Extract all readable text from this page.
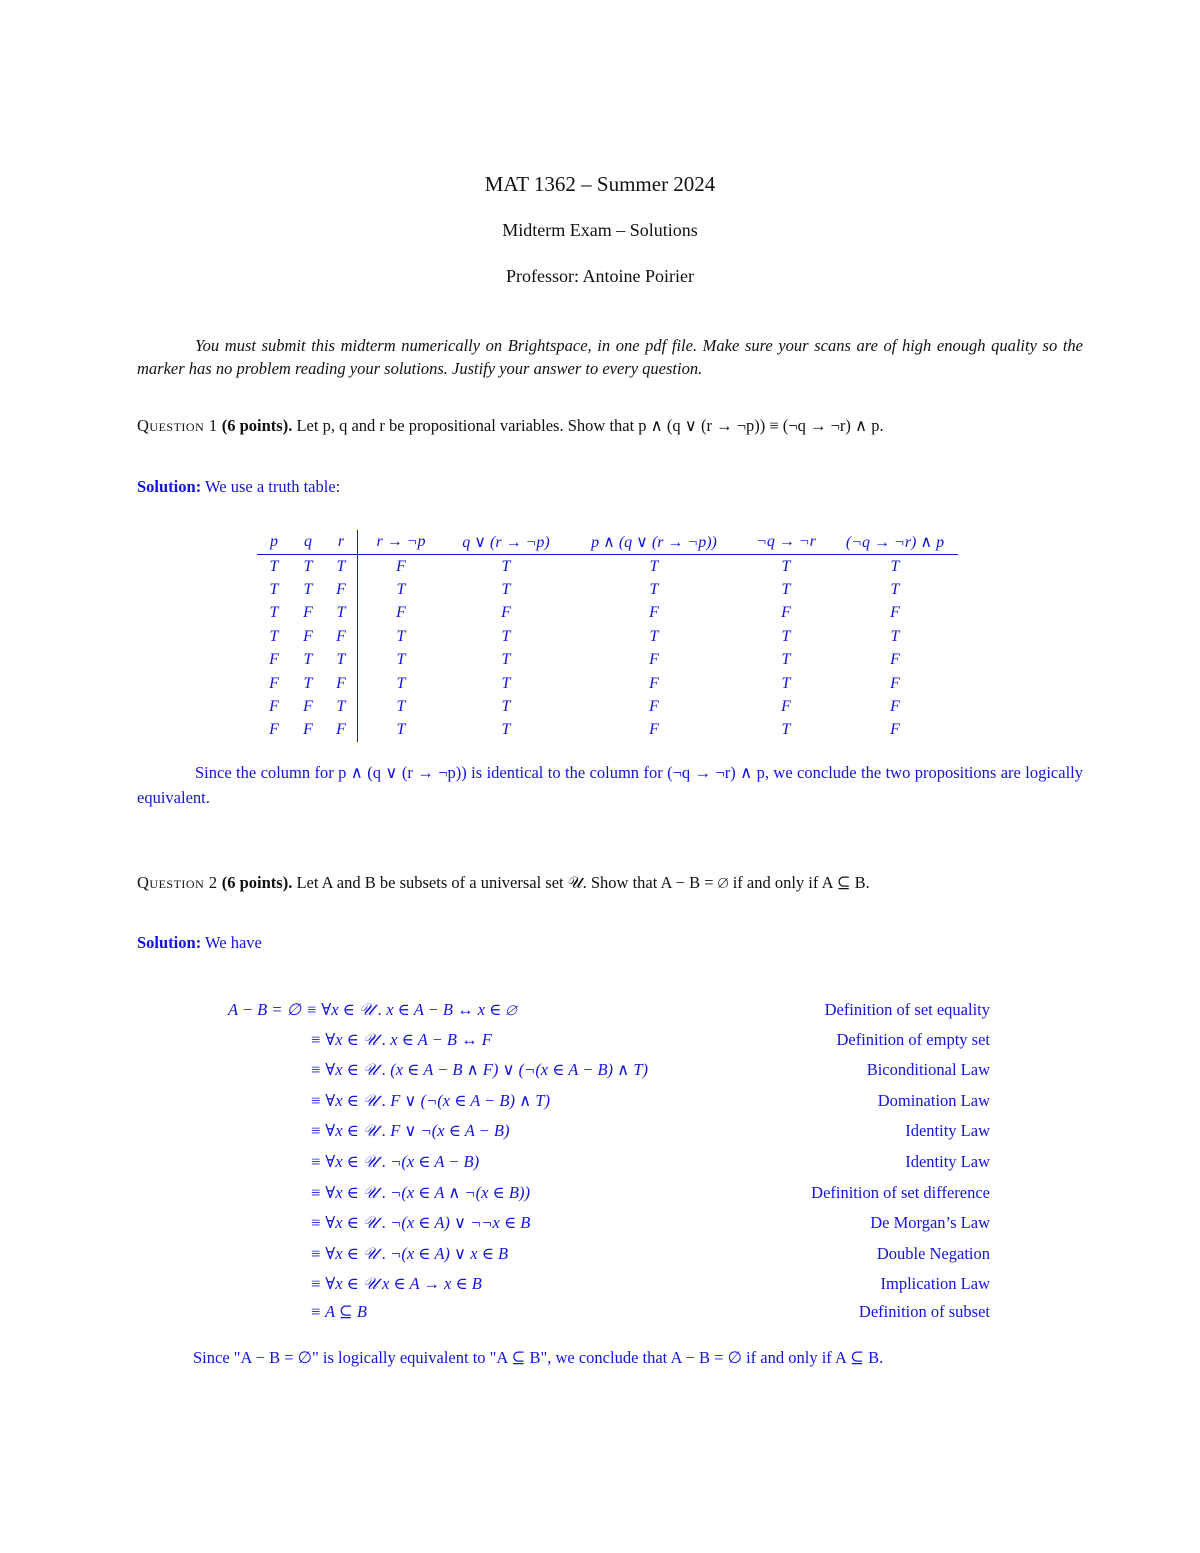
MAT 1362 – Summer 2024
Midterm Exam – Solutions
Professor: Antoine Poirier
You must submit this midterm numerically on Brightspace, in one pdf file. Make sure your scans are of high enough quality so the marker has no problem reading your solutions. Justify your answer to every question.
Question 1 (6 points). Let p, q and r be propositional variables. Show that p ∧ (q ∨ (r → ¬p)) ≡ (¬q → ¬r) ∧ p.
Solution: We use a truth table:
p	q	r	r → ¬p	q ∨ (r → ¬p)	p ∧ (q ∨ (r → ¬p))	¬q → ¬r	(¬q → ¬r) ∧ p
T	T	T	F	T	T	T	T
T	T	F	T	T	T	T	T
T	F	T	F	F	F	F	F
T	F	F	T	T	T	T	T
F	T	T	T	T	F	T	F
F	T	F	T	T	F	T	F
F	F	T	T	T	F	F	F
F	F	F	T	T	F	T	F
Since the column for p ∧ (q ∨ (r → ¬p)) is identical to the column for (¬q → ¬r) ∧ p, we conclude the two propositions are logically equivalent.
Question 2 (6 points). Let A and B be subsets of a universal set 𝒰. Show that A − B = ∅ if and only if A ⊆ B.
Solution: We have
A − B = ∅ ≡ ∀x ∈ 𝒰 . x ∈ A − B ↔ x ∈ ∅	Definition of set equality
≡ ∀x ∈ 𝒰 . x ∈ A − B ↔ F	Definition of empty set
≡ ∀x ∈ 𝒰 . (x ∈ A − B ∧ F) ∨ (¬(x ∈ A − B) ∧ T)	Biconditional Law
≡ ∀x ∈ 𝒰 . F ∨ (¬(x ∈ A − B) ∧ T)	Domination Law
≡ ∀x ∈ 𝒰 . F ∨ ¬(x ∈ A − B)	Identity Law
≡ ∀x ∈ 𝒰 . ¬(x ∈ A − B)	Identity Law
≡ ∀x ∈ 𝒰 . ¬(x ∈ A ∧ ¬(x ∈ B))	Definition of set difference
≡ ∀x ∈ 𝒰 . ¬(x ∈ A) ∨ ¬¬x ∈ B	De Morgan’s Law
≡ ∀x ∈ 𝒰 . ¬(x ∈ A) ∨ x ∈ B	Double Negation
≡ ∀x ∈ 𝒰 x ∈ A → x ∈ B	Implication Law
≡ A ⊆ B	Definition of subset
Since "A − B = ∅" is logically equivalent to "A ⊆ B", we conclude that A − B = ∅ if and only if A ⊆ B.
